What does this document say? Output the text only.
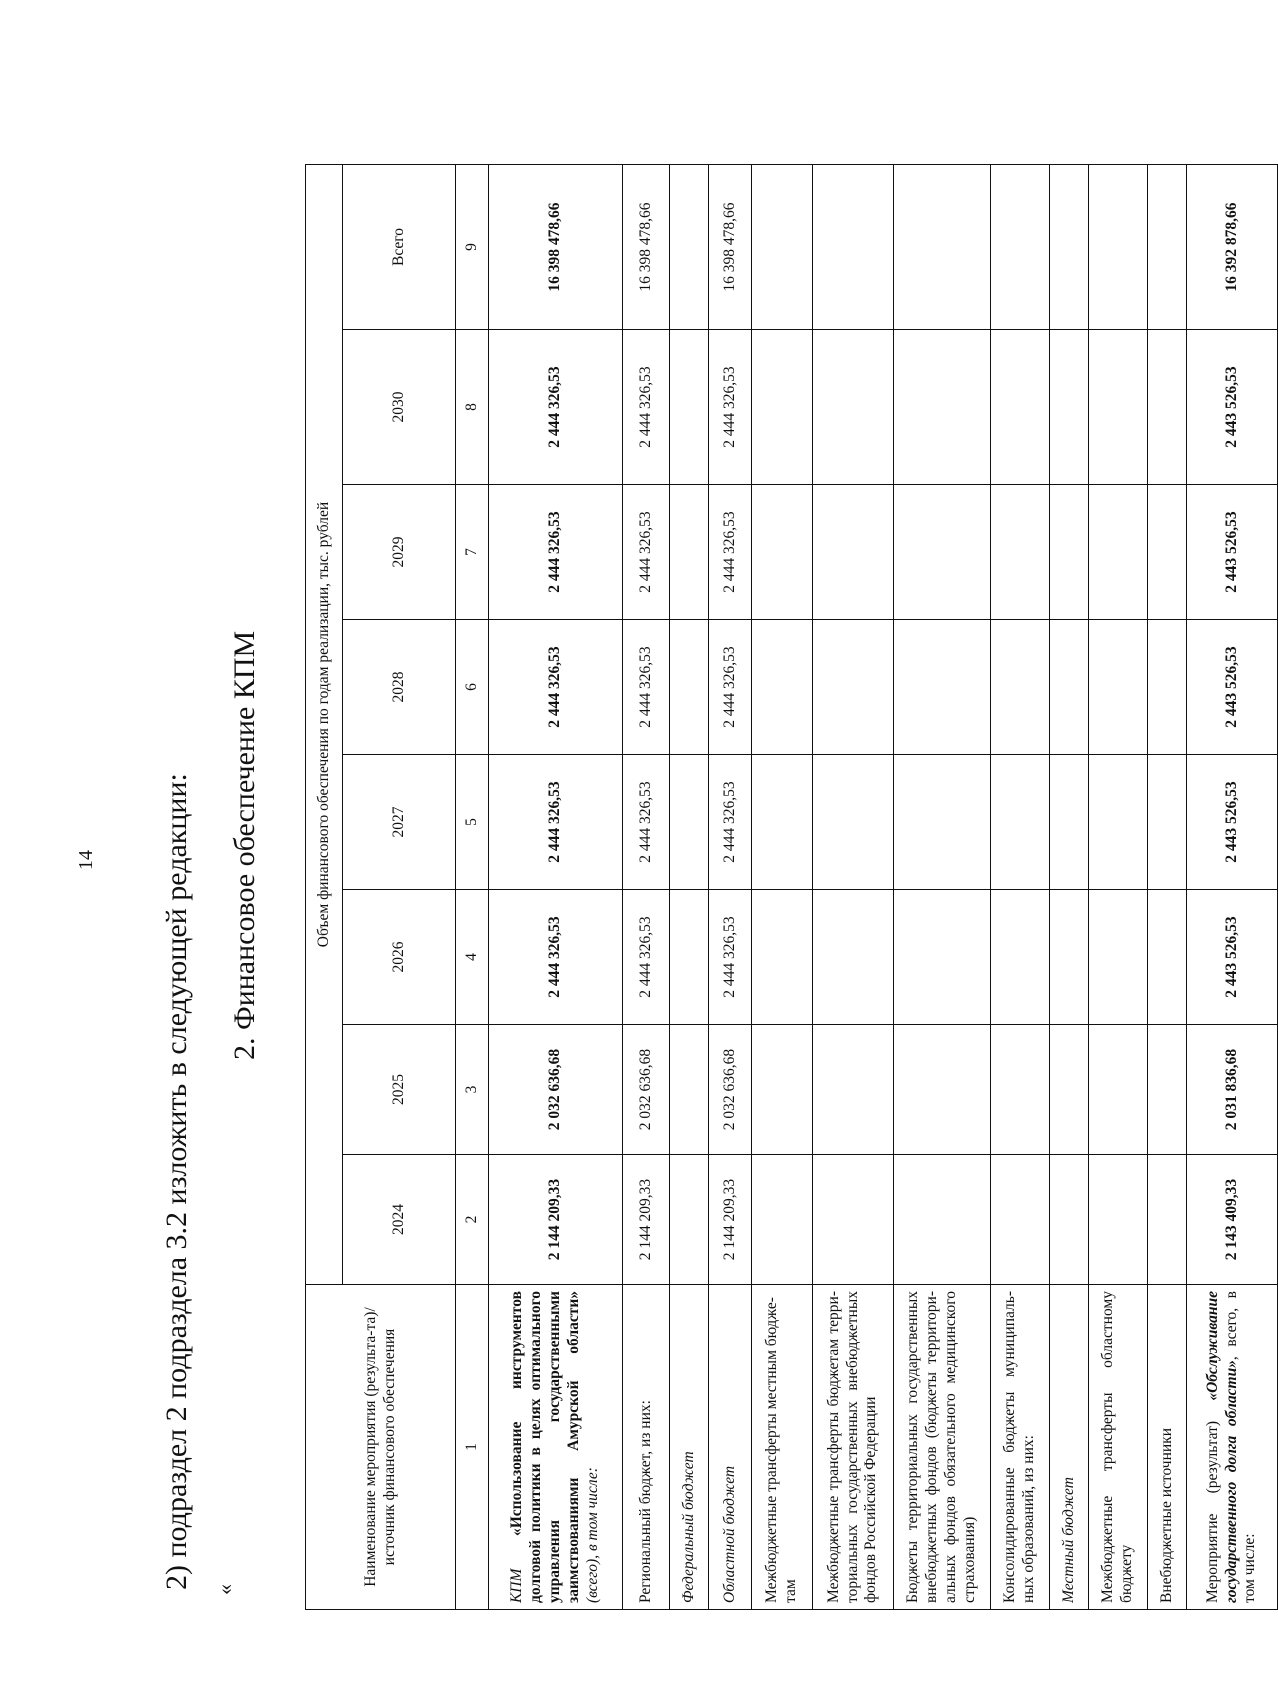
14 2) подраздел 2 подраздела 3.2 изложить в следующей редакции: «
2. Финансовое обеспечение КПМ
Наименование мероприятия (результа-та)/источник финансового обеспечения	Объем финансового обеспечения по годам реализации, тыс. рублей							
	2024	2025	2026	2027	2028	2029	2030	Всего
1	2	3	4	5	6	7	8	9
КПМ «Использование инструментов долговой политики в целях оптимального управления государственными заимствованиями Амурской области» (всего), в том числе:	2 144 209,33	2 032 636,68	2 444 326,53	2 444 326,53	2 444 326,53	2 444 326,53	2 444 326,53	16 398 478,66
Региональный бюджет, из них:	2 144 209,33	2 032 636,68	2 444 326,53	2 444 326,53	2 444 326,53	2 444 326,53	2 444 326,53	16 398 478,66
Федеральный бюджет								
Областной бюджет	2 144 209,33	2 032 636,68	2 444 326,53	2 444 326,53	2 444 326,53	2 444 326,53	2 444 326,53	16 398 478,66
Межбюджетные трансферты местным бюдже-там								
Межбюджетные трансферты бюджетам терри-ториальных государственных внебюджетных фондов Российской Федерации								
Бюджеты территориальных государственных внебюджетных фондов (бюджеты территори-альных фондов обязательного медицинского страхования)								
Консолидированные бюджеты муниципаль-ных образований, из них:								
Местный бюджет								
Межбюджетные трансферты областному бюджету								
Внебюджетные источники								
Мероприятие (результат) «Обслуживание государственного долга области», всего, в том числе:	2 143 409,33	2 031 836,68	2 443 526,53	2 443 526,53	2 443 526,53	2 443 526,53	2 443 526,53	16 392 878,66
